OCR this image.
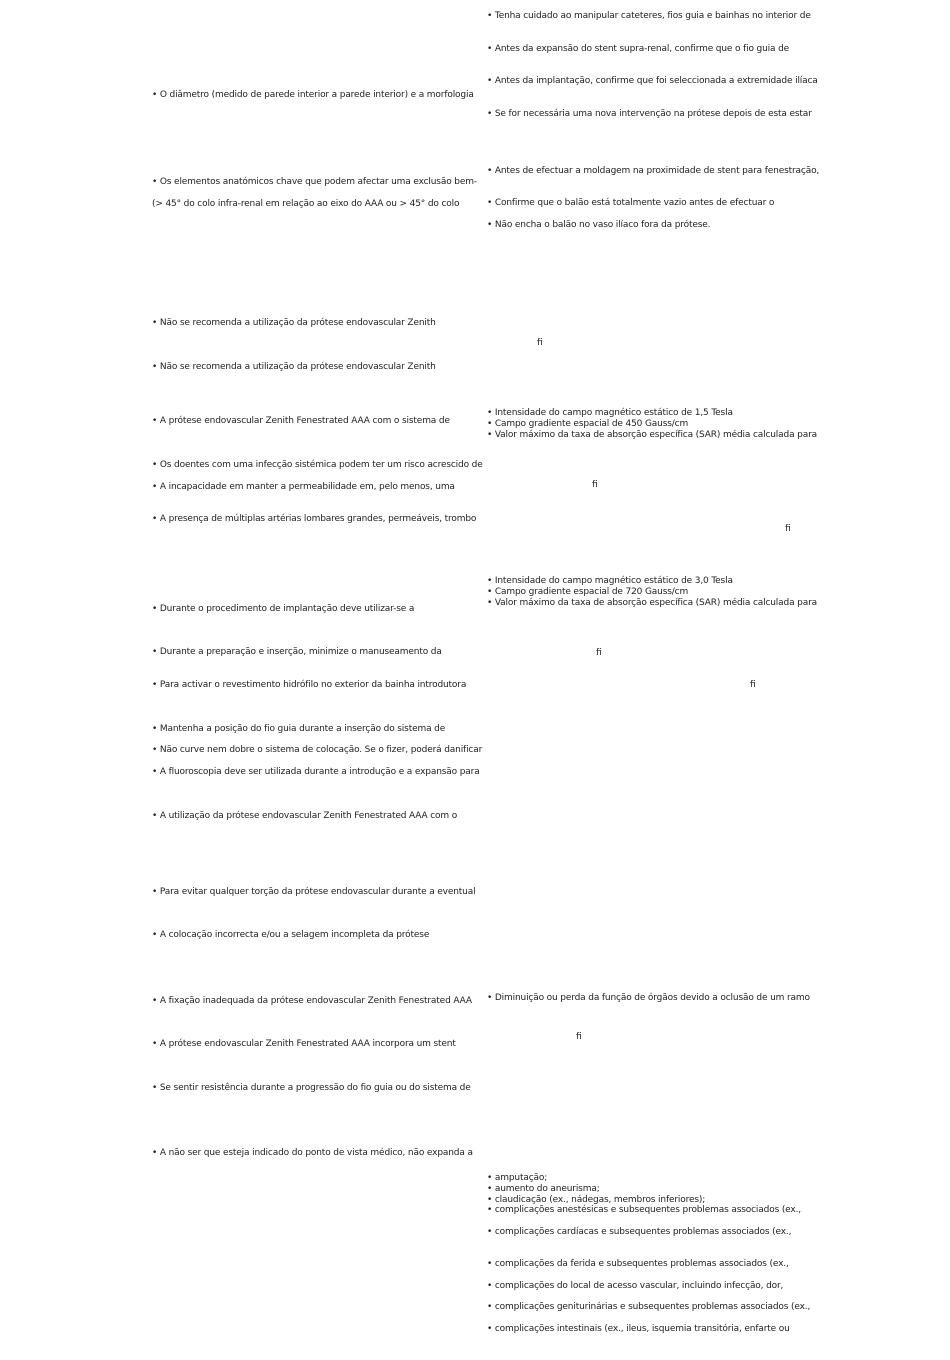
• O diâmetro (medido de parede interior a parede interior) e a morfologia
• Os elementos anatómicos chave que podem afectar uma exclusão bem-
(> 45° do colo infra-renal em relação ao eixo do AAA ou > 45° do colo
• Não se recomenda a utilização da prótese endovascular Zenith
• Não se recomenda a utilização da prótese endovascular Zenith
• A prótese endovascular Zenith Fenestrated AAA com o sistema de
• Os doentes com uma infecção sistémica podem ter um risco acrescido de
• A incapacidade em manter a permeabilidade em, pelo menos, uma
• A presença de múltiplas artérias lombares grandes, permeáveis, trombo
• Durante o procedimento de implantação deve utilizar-se a
• Durante a preparação e inserção, minimize o manuseamento da
• Para activar o revestimento hidrófilo no exterior da bainha introdutora
• Mantenha a posição do fio guia durante a inserção do sistema de
• Não curve nem dobre o sistema de colocação. Se o fizer, poderá danificar
• A fluoroscopia deve ser utilizada durante a introdução e a expansão para
• A utilização da prótese endovascular Zenith Fenestrated AAA com o
• Para evitar qualquer torção da prótese endovascular durante a eventual
• A colocação incorrecta e/ou a selagem incompleta da prótese
• A fixação inadequada da prótese endovascular Zenith Fenestrated AAA
• A prótese endovascular Zenith Fenestrated AAA incorpora um stent
• Se sentir resistência durante a progressão do fio guia ou do sistema de
• A não ser que esteja indicado do ponto de vista médico, não expanda a
• Tenha cuidado ao manipular cateteres, fios guia e bainhas no interior de
• Antes da expansão do stent supra-renal, confirme que o fio guia de
• Antes da implantação, confirme que foi seleccionada a extremidade ilíaca
• Se for necessária uma nova intervenção na prótese depois de esta estar
• Antes de efectuar a moldagem na proximidade de stent para fenestração,
• Confirme que o balão está totalmente vazio antes de efectuar o
• Não encha o balão no vaso ilíaco fora da prótese.
• Intensidade do campo magnético estático de 1,5 Tesla
• Campo gradiente espacial de 450 Gauss/cm
• Valor máximo da taxa de absorção específica (SAR) média calculada para
• Intensidade do campo magnético estático de 3,0 Tesla
• Campo gradiente espacial de 720 Gauss/cm
• Valor máximo da taxa de absorção específica (SAR) média calculada para
• Diminuição ou perda da função de órgãos devido a oclusão de um ramo
• amputação;
• aumento do aneurisma;
• claudicação (ex., nádegas, membros inferiores);
• complicações anestésicas e subsequentes problemas associados (ex.,
• complicações cardíacas e subsequentes problemas associados (ex.,
• complicações da ferida e subsequentes problemas associados (ex.,
• complicações do local de acesso vascular, incluindo infecção, dor,
• complicações geniturinárias e subsequentes problemas associados (ex.,
• complicações intestinais (ex., ileus, isquemia transitória, enfarte ou
ﬁ
ﬁ
ﬁ
ﬁ
ﬁ
ﬁ
